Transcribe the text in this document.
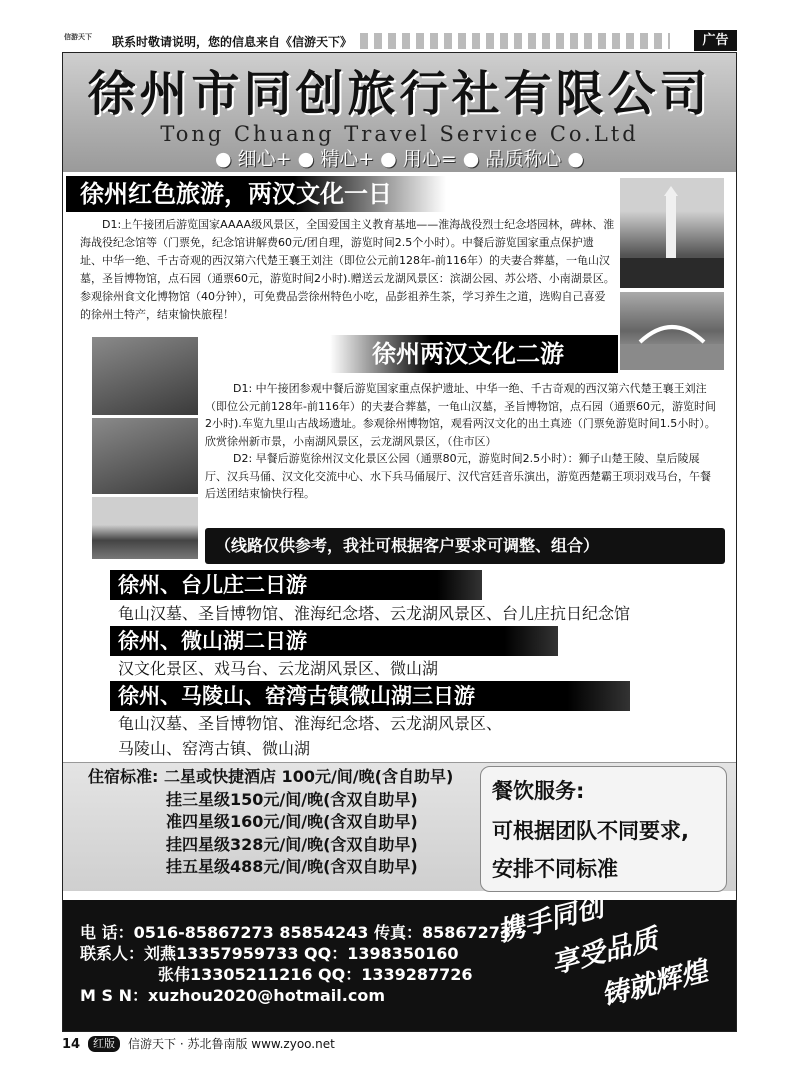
信游天下	联系时敬请说明，您的信息来自《信游天下》	广告
徐州市同创旅行社有限公司
Tong Chuang Travel Service Co.Ltd
● 细心+ ● 精心+ ● 用心= ● 品质称心 ●
徐州红色旅游，两汉文化一日
D1:上午接团后游览国家AAAA级风景区，全国爱国主义教育基地——淮海战役烈士纪念塔园林，碑林、淮海战役纪念馆等（门票免，纪念馆讲解费60元/团自理，游览时间2.5个小时）。中餐后游览国家重点保护遗址、中华一绝、千古奇观的西汉第六代楚王襄王刘注（即位公元前128年-前116年）的夫妻合葬墓，一龟山汉墓，圣旨博物馆，点石园（通票60元，游览时间2小时).赠送云龙湖风景区：滨湖公园、苏公塔、小南湖景区。参观徐州食文化博物馆（40分钟），可免费品尝徐州特色小吃，品彭祖养生茶，学习养生之道，选购自己喜爱的徐州土特产，结束愉快旅程！
徐州两汉文化二游
D1: 中午接团参观中餐后游览国家重点保护遗址、中华一绝、千古奇观的西汉第六代楚王襄王刘注（即位公元前128年-前116年）的夫妻合葬墓，一龟山汉墓，圣旨博物馆，点石园（通票60元，游览时间2小时).车览九里山古战场遗址。参观徐州博物馆，观看两汉文化的出土真迹（门票免游览时间1.5小时）。欣赏徐州新市景，小南湖风景区，云龙湖风景区，（住市区）
D2: 早餐后游览徐州汉文化景区公园（通票80元，游览时间2.5小时）：狮子山楚王陵、皇后陵展厅、汉兵马俑、汉文化交流中心、水下兵马俑展厅、汉代宫廷音乐演出，游览西楚霸王项羽戏马台，午餐后送团结束愉快行程。
（线路仅供参考，我社可根据客户要求可调整、组合）
徐州、台儿庄二日游
龟山汉墓、圣旨博物馆、淮海纪念塔、云龙湖风景区、台儿庄抗日纪念馆
徐州、微山湖二日游
汉文化景区、戏马台、云龙湖风景区、微山湖
徐州、马陵山、窑湾古镇微山湖三日游
龟山汉墓、圣旨博物馆、淮海纪念塔、云龙湖风景区、
马陵山、窑湾古镇、微山湖
住宿标准: 二星或快捷酒店 100元/间/晚(含自助早)
挂三星级150元/间/晚(含双自助早)
准四星级160元/间/晚(含双自助早)
挂四星级328元/间/晚(含双自助早)
挂五星级488元/间/晚(含双自助早)
餐饮服务:
可根据团队不同要求,
安排不同标准
电 话：0516-85867273 85854243 传真：85867273
联系人：刘燕13357959733 QQ：1398350160
张伟13305211216 QQ：1339287726
M S N：xuzhou2020@hotmail.com
携手同创
享受品质
铸就辉煌
14	红版	信游天下 · 苏北鲁南版 www.zyoo.net
